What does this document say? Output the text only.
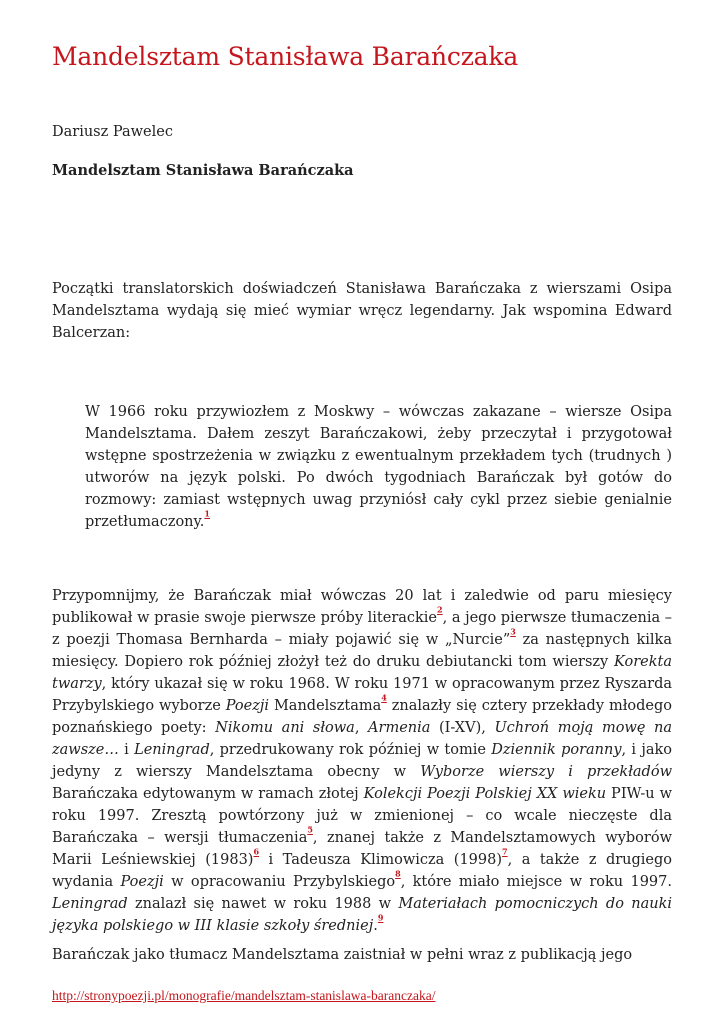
Mandelsztam Stanisława Barańczaka
Dariusz Pawelec
Mandelsztam Stanisława Barańczaka

Początki translatorskich doświadczeń Stanisława Barańczaka z wierszami Osipa Mandelsztama wydają się mieć wymiar wręcz legendarny. Jak wspomina Edward Balcerzan:

W 1966 roku przywiozłem z Moskwy – wówczas zakazane – wiersze Osipa Mandelsztama. Dałem zeszyt Barańczakowi, żeby przeczytał i przygotował wstępne spostrzeżenia w związku z ewentualnym przekładem tych (trudnych ) utworów na język polski. Po dwóch tygodniach Barańczak był gotów do rozmowy: zamiast wstępnych uwag przyniósł cały cykl przez siebie genialnie przetłumaczony.$^1$

Przypomnijmy, że Barańczak miał wówczas 20 lat i zaledwie od paru miesięcy publikował w prasie swoje pierwsze próby literackie$^2$, a jego pierwsze tłumaczenia – z poezji Thomasa Bernharda – miały pojawić się w „Nurcie”$^3$ za następnych kilka miesięcy. Dopiero rok później złożył też do druku debiutancki tom wierszy Korekta twarzy, który ukazał się w roku 1968. W roku 1971 w opracowanym przez Ryszarda Przybylskiego wyborze Poezji Mandelsztama$^4$ znalazły się cztery przekłady młodego poznańskiego poety: Nikomu ani słowa, Armenia (I-XV), Uchroń moją mowę na zawsze… i Leningrad, przedrukowany rok później w tomie Dziennik poranny, i jako jedyny z wierszy Mandelsztama obecny w Wyborze wierszy i przekładów Barańczaka edytowanym w ramach złotej Kolekcji Poezji Polskiej XX wieku PIW-u w roku 1997. Zresztą powtórzony już w zmienionej – co wcale nieczęste dla Barańczaka – wersji tłumaczenia$^5$, znanej także z Mandelsztamowych wyborów Marii Leśniewskiej $(1983)^6$ i Tadeusza Klimowicza $(1998)^7$, a także z drugiego wydania Poezji w opracowaniu Przybylskiego$^8$, które miało miejsce w roku 1997. Leningrad znalazł się nawet w roku 1988 w Materiałach pomocniczych do nauki języka polskiego w III klasie szkoły średniej.$^9$

Barańczak jako tłumacz Mandelsztama zaistniał w pełni wraz z publikacją jego

http://stronypoezji.pl/monografie/mandelsztam-stanislawa-baranczaka/
